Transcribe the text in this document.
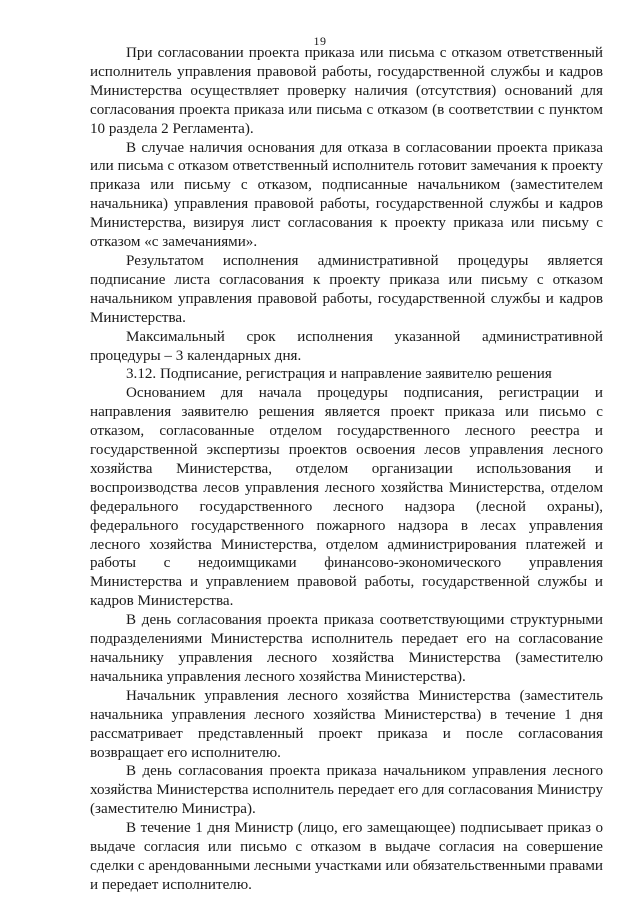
19

При согласовании проекта приказа или письма с отказом ответственный исполнитель управления правовой работы, государственной службы и кадров Министерства осуществляет проверку наличия (отсутствия) оснований для согласования проекта приказа или письма с отказом (в соответствии с пунктом 10 раздела 2 Регламента).

В случае наличия основания для отказа в согласовании проекта приказа или письма с отказом ответственный исполнитель готовит замечания к проекту приказа или письму с отказом, подписанные начальником (заместителем начальника) управления правовой работы, государственной службы и кадров Министерства, визируя лист согласования к проекту приказа или письму с отказом «с замечаниями».

Результатом исполнения административной процедуры является подписание листа согласования к проекту приказа или письму с отказом начальником управления правовой работы, государственной службы и кадров Министерства.

Максимальный срок исполнения указанной административной процедуры – 3 календарных дня.

3.12. Подписание, регистрация и направление заявителю решения

Основанием для начала процедуры подписания, регистрации и направления заявителю решения является проект приказа или письмо с отказом, согласованные отделом государственного лесного реестра и государственной экспертизы проектов освоения лесов управления лесного хозяйства Министерства, отделом организации использования и воспроизводства лесов управления лесного хозяйства Министерства, отделом федерального государственного лесного надзора (лесной охраны), федерального государственного пожарного надзора в лесах управления лесного хозяйства Министерства, отделом администрирования платежей и работы с недоимщиками финансово-экономического управления Министерства и управлением правовой работы, государственной службы и кадров Министерства.

В день согласования проекта приказа соответствующими структурными подразделениями Министерства исполнитель передает его на согласование начальнику управления лесного хозяйства Министерства (заместителю начальника управления лесного хозяйства Министерства).

Начальник управления лесного хозяйства Министерства (заместитель начальника управления лесного хозяйства Министерства) в течение 1 дня рассматривает представленный проект приказа и после согласования возвращает его исполнителю.

В день согласования проекта приказа начальником управления лесного хозяйства Министерства исполнитель передает его для согласования Министру (заместителю Министра).

В течение 1 дня Министр (лицо, его замещающее) подписывает приказ о выдаче согласия или письмо с отказом в выдаче согласия на совершение сделки с арендованными лесными участками или обязательственными правами и передает исполнителю.
